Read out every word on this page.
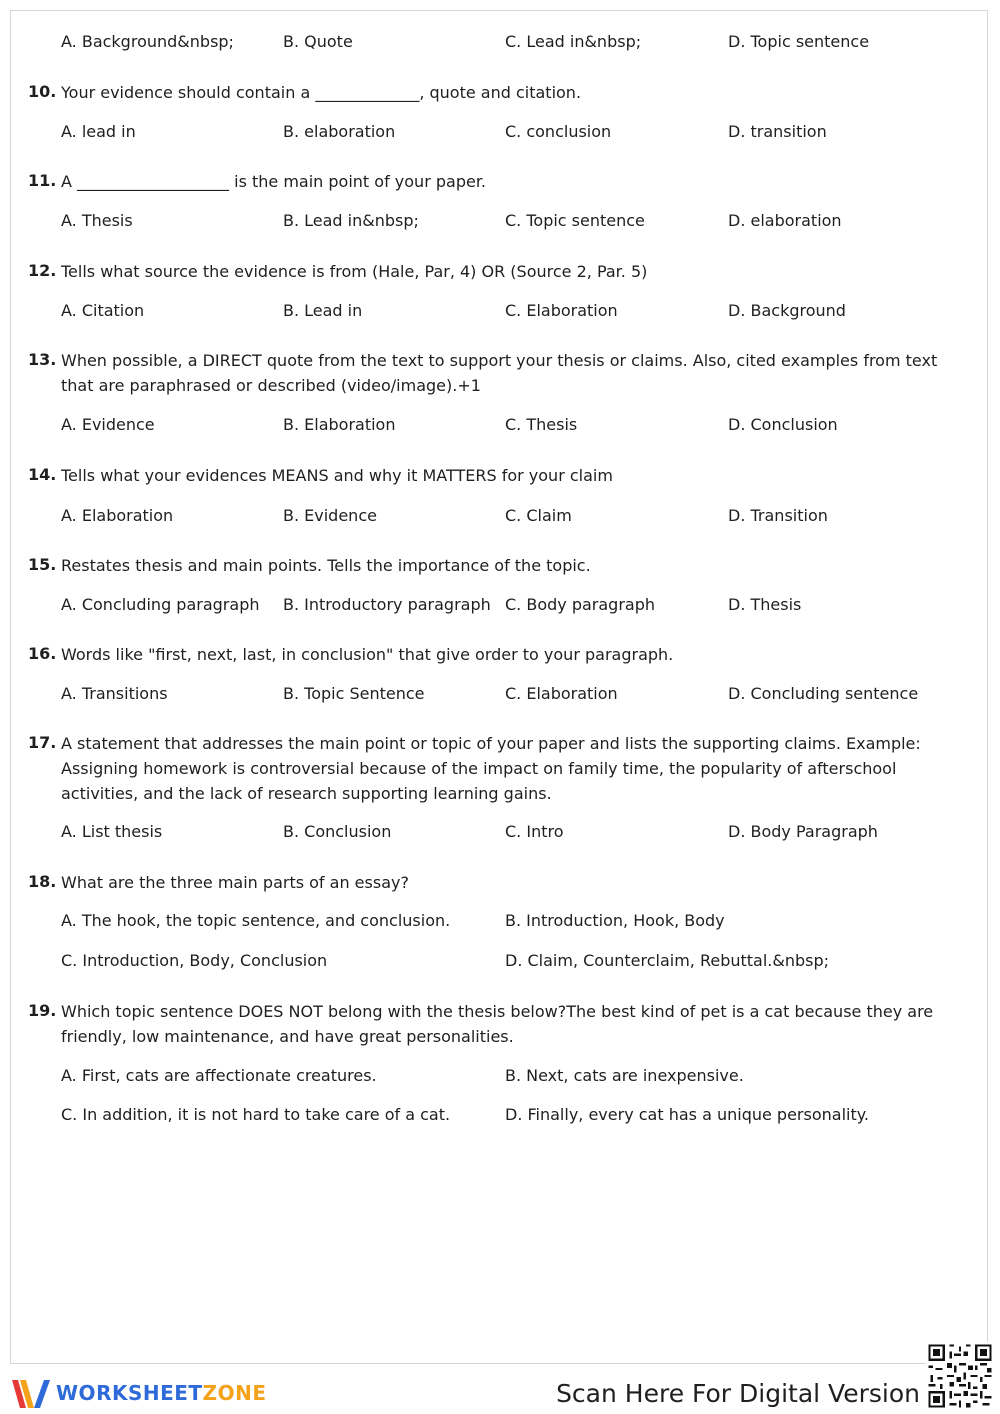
A. Background&nbsp;	B. Quote	C. Lead in&nbsp;	D. Topic sentence
10. Your evidence should contain a _____________, quote and citation.
A. lead in	B. elaboration	C. conclusion	D. transition
11. A ___________________ is the main point of your paper.
A. Thesis	B. Lead in&nbsp;	C. Topic sentence	D. elaboration
12. Tells what source the evidence is from (Hale, Par, 4) OR (Source 2, Par. 5)
A. Citation	B. Lead in	C. Elaboration	D. Background
13. When possible, a DIRECT quote from the text to support your thesis or claims. Also, cited examples from text that are paraphrased or described (video/image).+1
A. Evidence	B. Elaboration	C. Thesis	D. Conclusion
14. Tells what your evidences MEANS and why it MATTERS for your claim
A. Elaboration	B. Evidence	C. Claim	D. Transition
15. Restates thesis and main points. Tells the importance of the topic.
A. Concluding paragraph B. Introductory paragraph C. Body paragraph	D. Thesis
16. Words like "first, next, last, in conclusion" that give order to your paragraph.
A. Transitions	B. Topic Sentence	C. Elaboration	D. Concluding sentence
17. A statement that addresses the main point or topic of your paper and lists the supporting claims. Example: Assigning homework is controversial because of the impact on family time, the popularity of afterschool activities, and the lack of research supporting learning gains.
A. List thesis	B. Conclusion	C. Intro	D. Body Paragraph
18. What are the three main parts of an essay?
A. The hook, the topic sentence, and conclusion.	B. Introduction, Hook, Body
C. Introduction, Body, Conclusion	D. Claim, Counterclaim, Rebuttal.&nbsp;
19. Which topic sentence DOES NOT belong with the thesis below?The best kind of pet is a cat because they are friendly, low maintenance, and have great personalities.
A. First, cats are affectionate creatures.	B. Next, cats are inexpensive.
C. In addition, it is not hard to take care of a cat.	D. Finally, every cat has a unique personality.
WORKSHEETZONE	Scan Here For Digital Version
